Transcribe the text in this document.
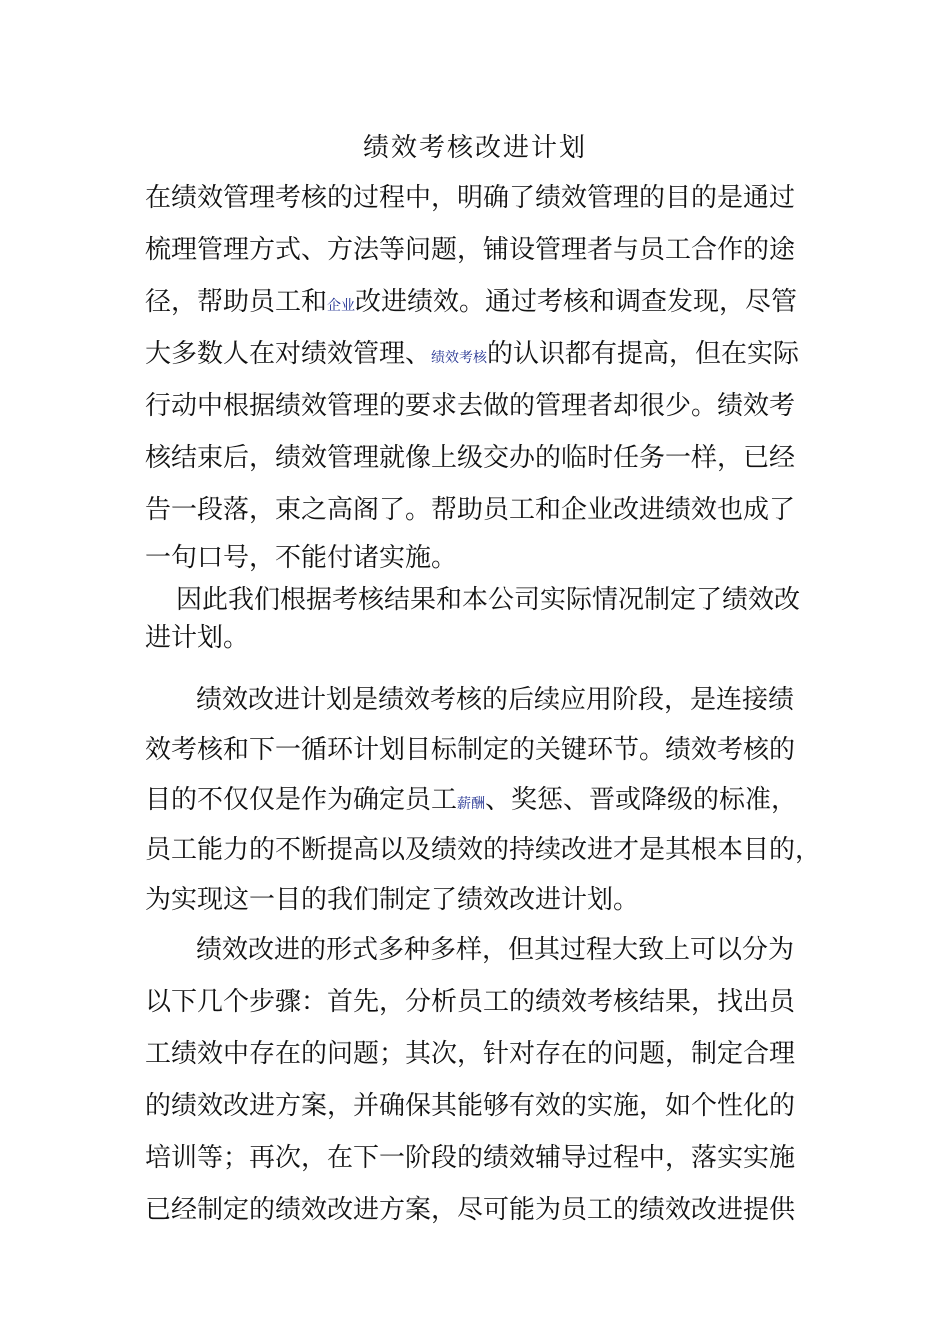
绩效考核改进计划

在绩效管理考核的过程中，明确了绩效管理的目的是通过

梳理管理方式、方法等问题，铺设管理者与员工合作的途

径，帮助员工和企业改进绩效。通过考核和调查发现，尽管

大多数人在对绩效管理、绩效考核的认识都有提高，但在实际

行动中根据绩效管理的要求去做的管理者却很少。绩效考

核结束后，绩效管理就像上级交办的临时任务一样，已经

告一段落，束之高阁了。帮助员工和企业改进绩效也成了

一句口号，不能付诸实施。

因此我们根据考核结果和本公司实际情况制定了绩效改

进计划。

绩效改进计划是绩效考核的后续应用阶段，是连接绩

效考核和下一循环计划目标制定的关键环节。绩效考核的

目的不仅仅是作为确定员工薪酬、奖惩、晋或降级的标准，

员工能力的不断提高以及绩效的持续改进才是其根本目的，

为实现这一目的我们制定了绩效改进计划。

绩效改进的形式多种多样，但其过程大致上可以分为

以下几个步骤：首先，分析员工的绩效考核结果，找出员

工绩效中存在的问题；其次，针对存在的问题，制定合理

的绩效改进方案，并确保其能够有效的实施，如个性化的

培训等；再次，在下一阶段的绩效辅导过程中，落实实施

已经制定的绩效改进方案，尽可能为员工的绩效改进提供
